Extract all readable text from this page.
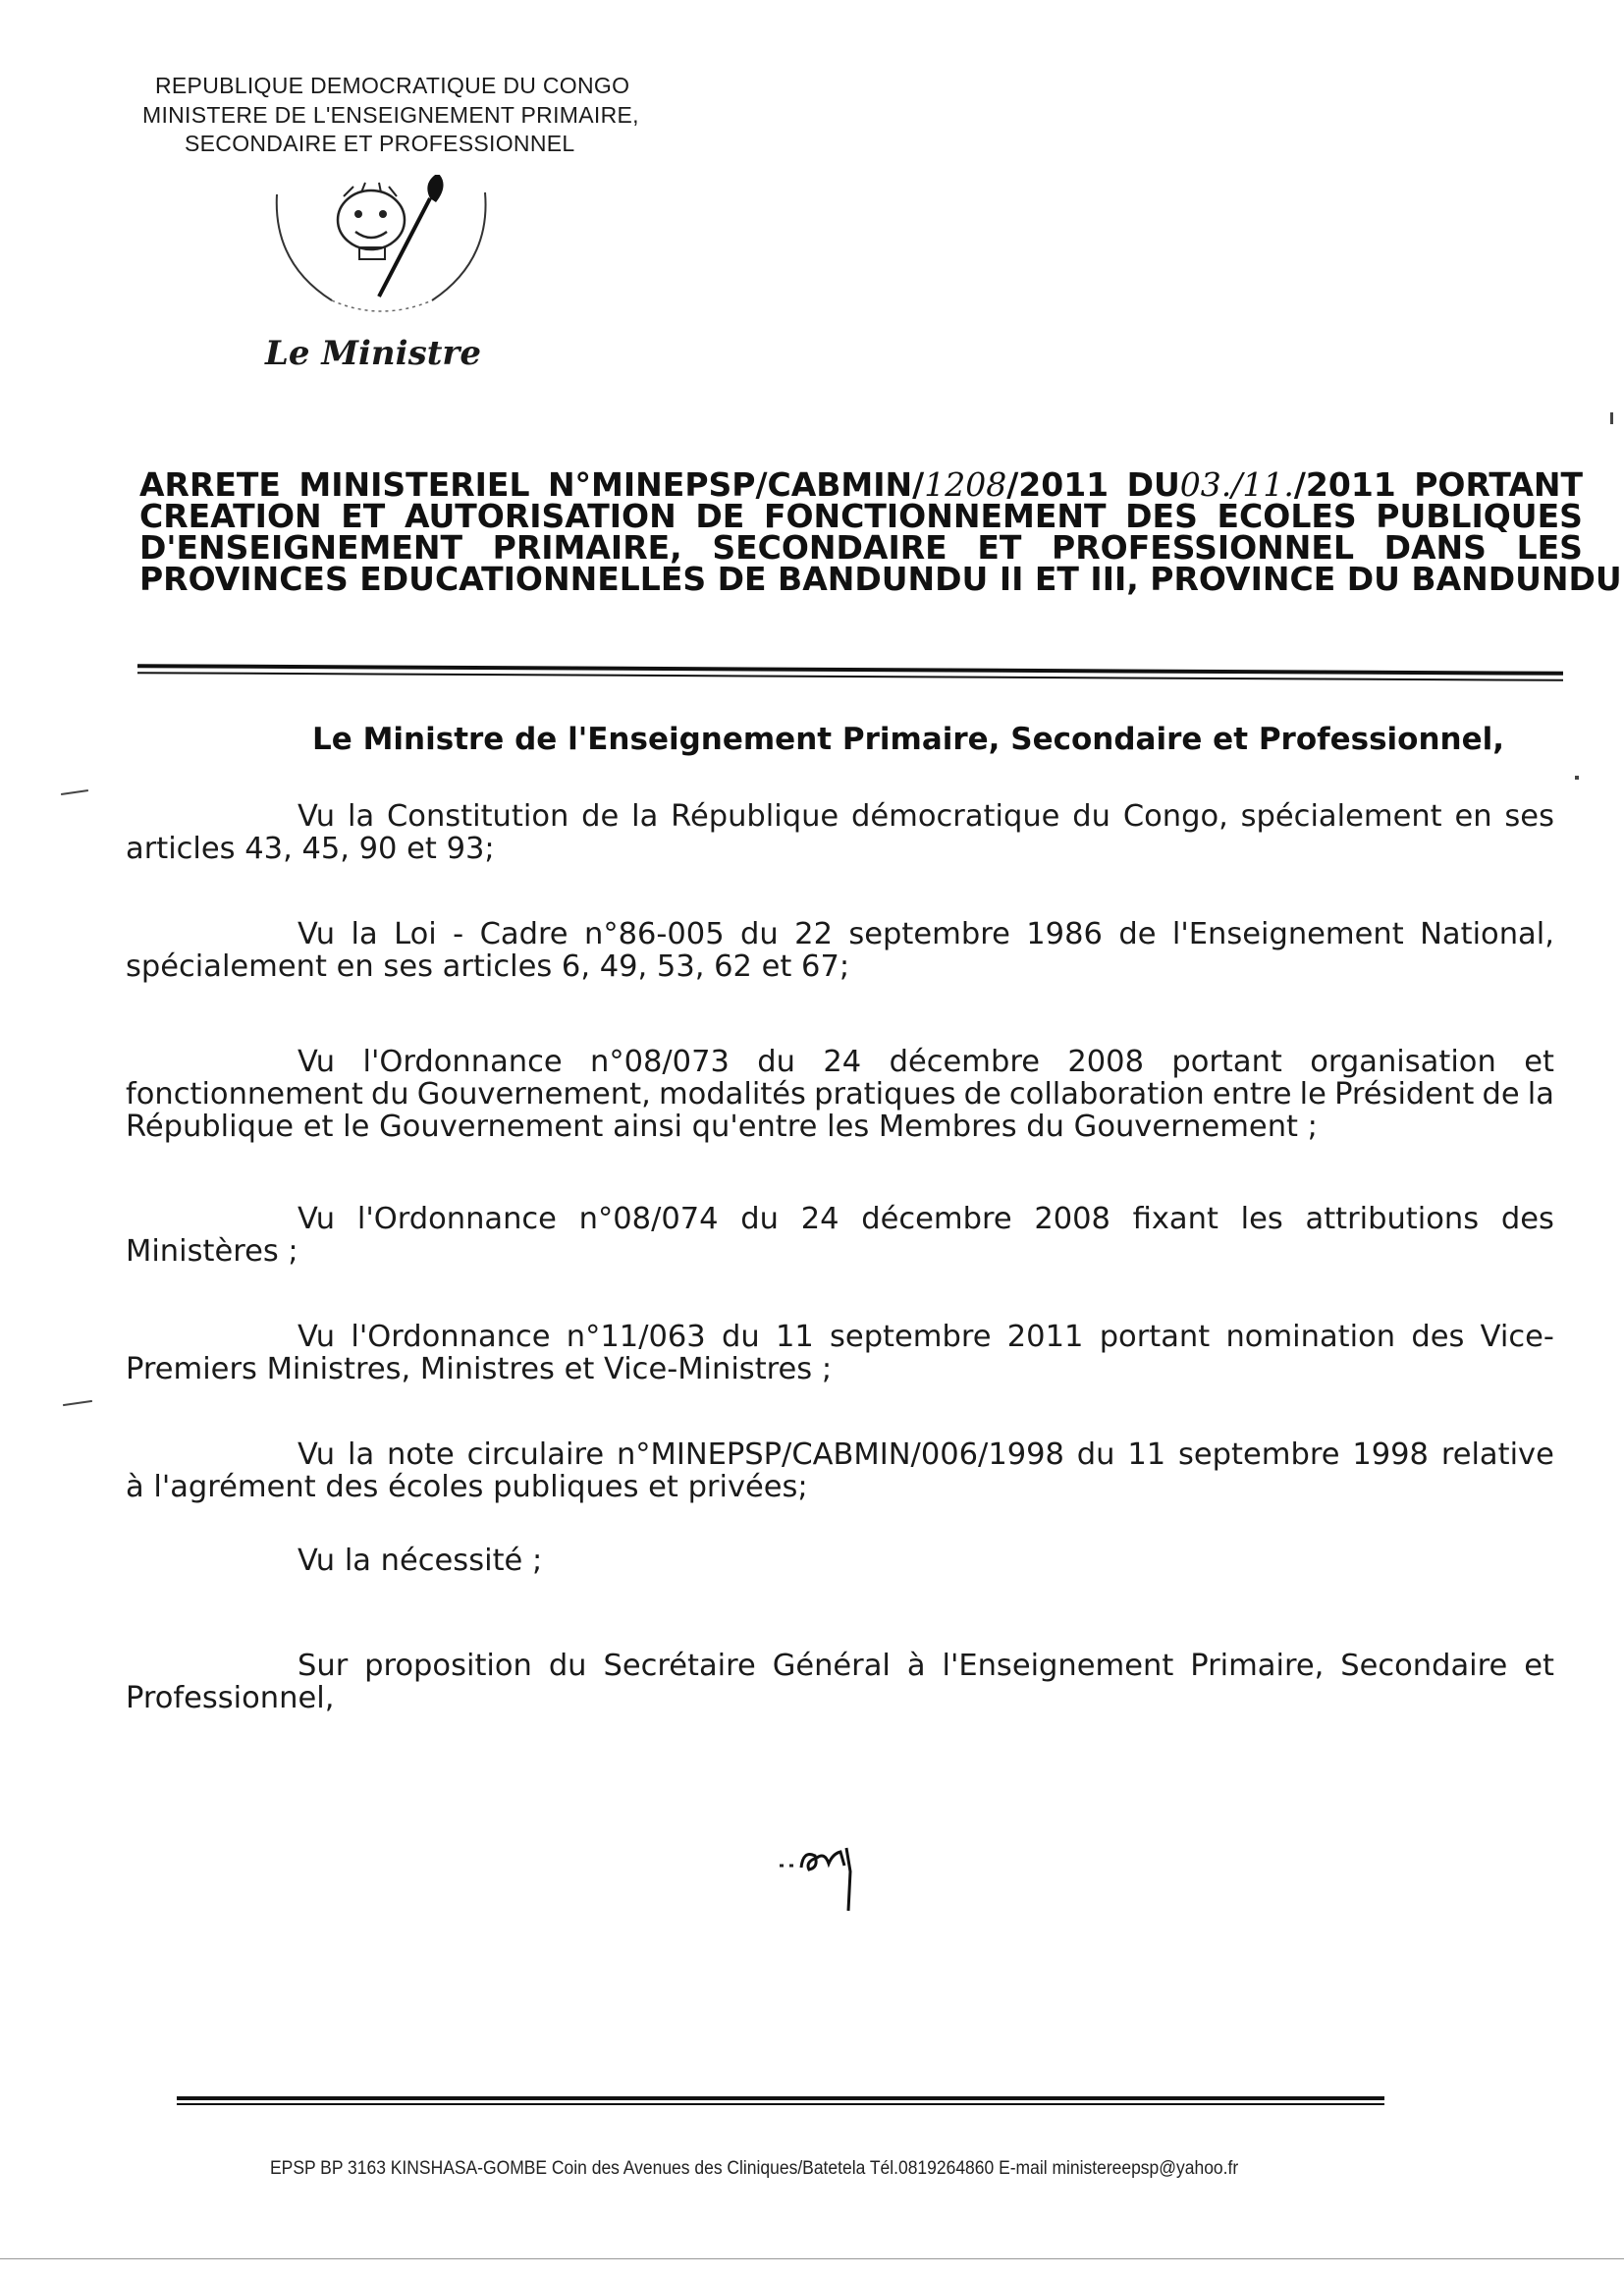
REPUBLIQUE DEMOCRATIQUE DU CONGO
MINISTERE DE L'ENSEIGNEMENT PRIMAIRE,
SECONDAIRE ET PROFESSIONNEL
Le Ministre
ARRETE MINISTERIEL N°MINEPSP/CABMIN/1208/2011 DU03./11./2011 PORTANT
CREATION ET AUTORISATION DE FONCTIONNEMENT DES ECOLES PUBLIQUES
D'ENSEIGNEMENT PRIMAIRE, SECONDAIRE ET PROFESSIONNEL DANS LES
PROVINCES EDUCATIONNELLES DE BANDUNDU II ET III, PROVINCE DU BANDUNDU
Le Ministre de l'Enseignement Primaire, Secondaire et Professionnel,
Vu la Constitution de la République démocratique du Congo, spécialement en ses
articles 43, 45, 90 et 93;
Vu la Loi - Cadre n°86-005 du 22 septembre 1986 de l'Enseignement National,
spécialement en ses articles 6, 49, 53, 62 et 67;
Vu l'Ordonnance n°08/073 du 24 décembre 2008 portant organisation et
fonctionnement du Gouvernement, modalités pratiques de collaboration entre le Président de la
République et le Gouvernement ainsi qu'entre les Membres du Gouvernement ;
Vu l'Ordonnance n°08/074 du 24 décembre 2008 fixant les attributions des
Ministères ;
Vu l'Ordonnance n°11/063 du 11 septembre 2011 portant nomination des Vice-
Premiers Ministres, Ministres et Vice-Ministres ;
Vu la note circulaire n°MINEPSP/CABMIN/006/1998 du 11 septembre 1998 relative
à l'agrément des écoles publiques et privées;
Vu la nécessité ;
Sur proposition du Secrétaire Général à l'Enseignement Primaire, Secondaire et
Professionnel,
EPSP BP 3163 KINSHASA-GOMBE Coin des Avenues des Cliniques/Batetela Tél.0819264860 E-mail ministereepsp@yahoo.fr
